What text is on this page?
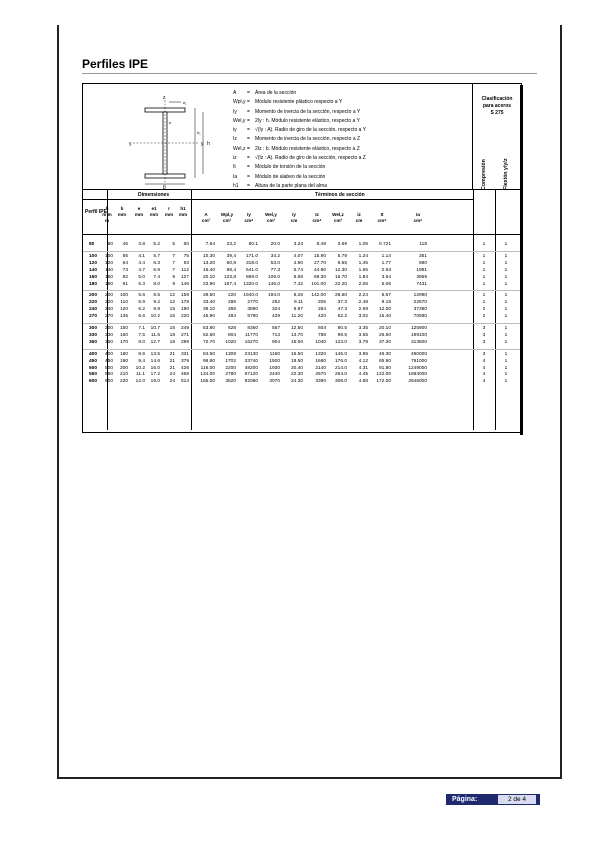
Perfiles IPE
y	y
z
b
h
h₁
e₁
e
A = Área de la sección
Wpl,y = Módulo resistente plástico respecto a Y
Iy = Momento de inercia de la sección, respecto a Y
Wel,y = 2Iy : h. Módulo resistente elástico, respecto a Y
iy = √(Iy : A). Radio de giro de la sección, respecto a Y
Iz = Momento de inercia de la sección, respecto a Z
Wel,z = 2Iz : b. Módulo resistente elástico, respecto a Z
iz = √(Iz : A). Radio de giro de la sección, respecto a Z
It = Módulo de torsión de la sección
Ia = Módulo de alabeo de la sección
h1 = Altura de la parte plana del alma
Clasificación
para aceros
S 275
Compresión	Flexión y/y/z
Perfil IPE
Dimensiones	Términos de sección
h
m m m
b
mm
e
mm
e1
mm
r
mm
h1
mm	A
cm²
Wpl,y
cm³
Iy
cm⁴
Wel,y
cm³
iy
cm
Iz
cm⁴
Wel,z
cm³
iz
cm
It
cm⁴
Ia
cm⁶
80	80	46	3.8	5.2	5	60	7.64	23,2	80.1	20.0	3.24	8.49	3.69	1.05	0.721	118	1	1
100	100	55	4.1	5.7	7	75	10.30	39,4	171.0	34.2	4.07	15.90	5.79	1.24	1.14	351	1	1
120	120	64	4.4	6.3	7	93	13.20	60,8	318.0	53.0	4.90	27.70	8.65	1.45	1.77	890	1	1
140	140	73	4.7	6.9	7	112	16.40	88,4	541.0	77.3	5.74	44.90	12.30	1.65	2.63	1981	1	1
160	160	82	5.0	7.4	9	127	20.10	123,8	869.0	109.0	6.58	68.30	16.70	1.84	3.64	3959	1	1
180	180	91	5.3	8.0	9	146	23.90	167,4	1320.0	146.0	7.42	101.00	22.20	2.05	5.06	7431	1	1
200	200	100	5.6	8.5	12	159	28.50	220	1940.0	194.0	8.26	142.00	28.50	2.24	6.67	12990	1	1
220	220	110	5.9	9.2	12	178	33.40	286	2770	252	9.11	205	37.3	2.48	9.15	22670	1	1
240	240	120	6.2	9.8	15	190	39.10	366	3890	324	9.97	284	47.3	2.69	12.00	37390	2	1
270	270	135	6.6	10.2	15	220	45.90	484	5790	429	11.20	420	62.2	3.02	15.40	70580	2	1
300	300	150	7.1	10.7	15	249	53.80	628	8360	557	12.50	604	80.5	3.35	20.10	125900	3	1
330	330	160	7.5	11.5	18	271	62.60	804	11770	713	13.70	788	98.5	3.55	26.50	199100	3	1
360	360	170	8.0	12.7	18	299	72.70	1020	16270	904	15.00	1040	123.0	3.79	37.30	313600	3	1
400	400	180	8.6	13.5	21	331	84.50	1308	23130	1160	16.50	1320	146.0	3.95	46.30	490000	3	1
450	450	190	9.4	14.6	21	379	98.80	1702	33740	1500	18.50	1680	176.0	4.12	65.90	791000	4	1
500	500	200	10.2	16.0	21	426	116.00	2200	48200	1930	20.40	2140	214.0	4.31	91.80	1249000	4	1
550	550	210	11.1	17.2	24	468	134.00	2780	67120	2440	22.30	2670	254.0	4.45	122.00	1884000	4	1
600	600	220	12.0	19.0	24	514	155.00	3520	92080	3070	24.30	3390	308.0	4.66	172.00	2846000	4	1
Página:	2 de 4
